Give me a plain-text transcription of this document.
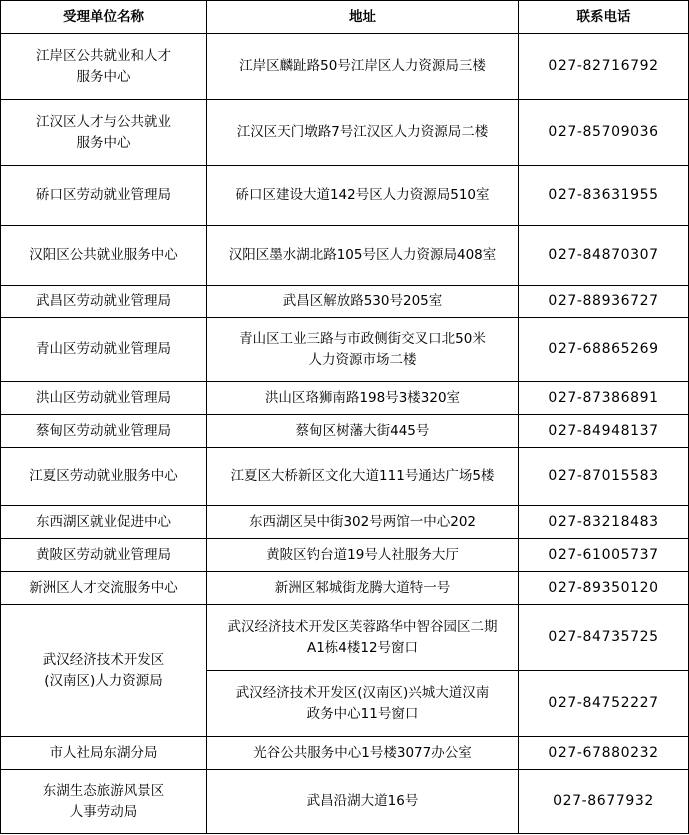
受理单位名称	地址	联系电话

江岸区公共就业和人才
服务中心	江岸区麟趾路50号江岸区人力资源局三楼	027-82716792

江汉区人才与公共就业
服务中心	江汉区天门墩路7号江汉区人力资源局二楼	027-85709036
硚口区劳动就业管理局	硚口区建设大道142号区人力资源局510室	027-83631955
汉阳区公共就业服务中心	汉阳区墨水湖北路105号区人力资源局408室	027-84870307
武昌区劳动就业管理局	武昌区解放路530号205室	027-88936727
青山区劳动就业管理局	青山区工业三路与市政侧街交叉口北50米
人力资源市场二楼	027-68865269
洪山区劳动就业管理局	洪山区珞狮南路198号3楼320室	027-87386891
蔡甸区劳动就业管理局	蔡甸区树藩大街445号	027-84948137
江夏区劳动就业服务中心	江夏区大桥新区文化大道111号通达广场5楼	027-87015583
东西湖区就业促进中心	东西湖区吴中街302号两馆一中心202	027-83218483
黄陂区劳动就业管理局	黄陂区钓台道19号人社服务大厅	027-61005737
新洲区人才交流服务中心	新洲区邾城街龙腾大道特一号	027-89350120

武汉经济技术开发区
(汉南区)人力资源局	武汉经济技术开发区芙蓉路华中智谷园区二期
A1栋4楼12号窗口	027-84735725

	武汉经济技术开发区(汉南区)兴城大道汉南
政务中心11号窗口	027-84752227
市人社局东湖分局	光谷公共服务中心1号楼3077办公室	027-67880232

东湖生态旅游风景区
人事劳动局	武昌沿湖大道16号	027-8677932
